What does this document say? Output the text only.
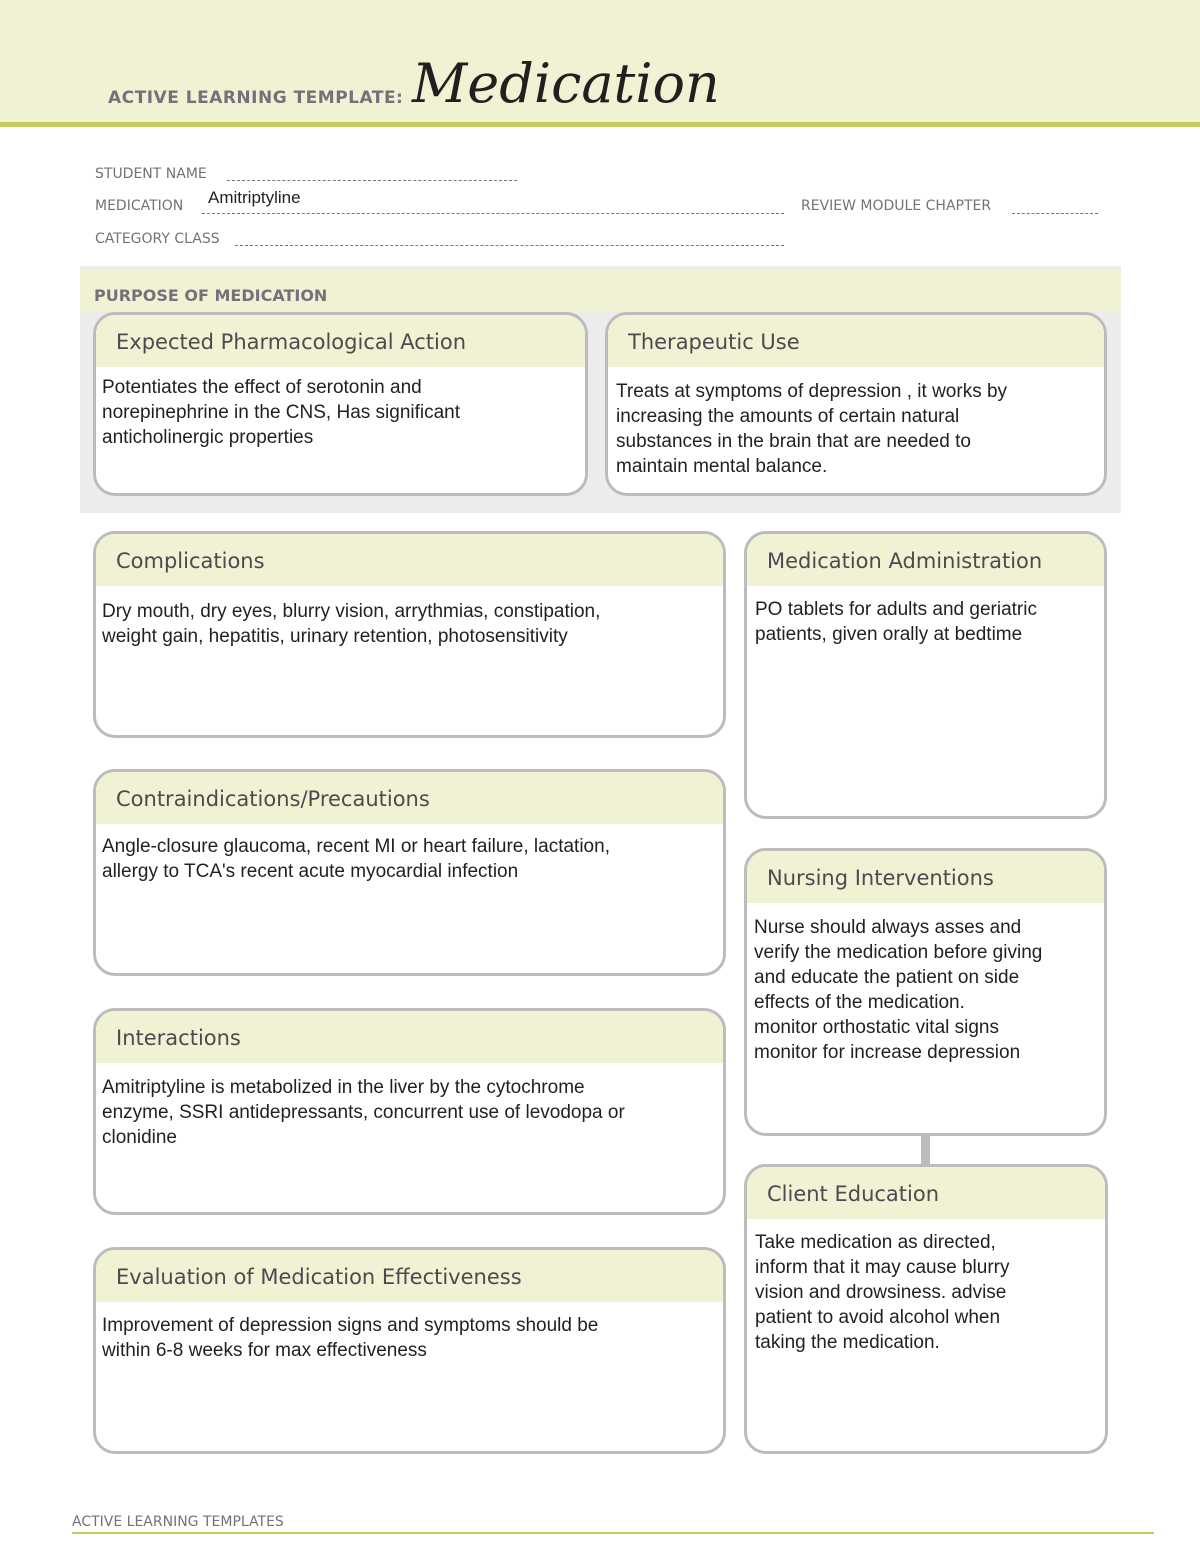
ACTIVE LEARNING TEMPLATE: Medication
STUDENT NAME
MEDICATION Amitriptyline	REVIEW MODULE CHAPTER
CATEGORY CLASS
PURPOSE OF MEDICATION
Expected Pharmacological Action
Potentiates the effect of serotonin and
norepinephrine in the CNS, Has significant
anticholinergic properties
Therapeutic Use
Treats at symptoms of depression , it works by
increasing the amounts of certain natural
substances in the brain that are needed to
maintain mental balance.
Complications
Dry mouth, dry eyes, blurry vision, arrythmias, constipation,
weight gain, hepatitis, urinary retention, photosensitivity
Contraindications/Precautions
Angle-closure glaucoma, recent MI or heart failure, lactation,
allergy to TCA's recent acute myocardial infection
Interactions
Amitriptyline is metabolized in the liver by the cytochrome
enzyme, SSRI antidepressants, concurrent use of levodopa or
clonidine
Evaluation of Medication Effectiveness
Improvement of depression signs and symptoms should be
within 6-8 weeks for max effectiveness
Medication Administration
PO tablets for adults and geriatric
patients, given orally at bedtime
Nursing Interventions
Nurse should always asses and
verify the medication before giving
and educate the patient on side
effects of the medication.
monitor orthostatic vital signs
monitor for increase depression
Client Education
Take medication as directed,
inform that it may cause blurry
vision and drowsiness. advise
patient to avoid alcohol when
taking the medication.
ACTIVE LEARNING TEMPLATES
